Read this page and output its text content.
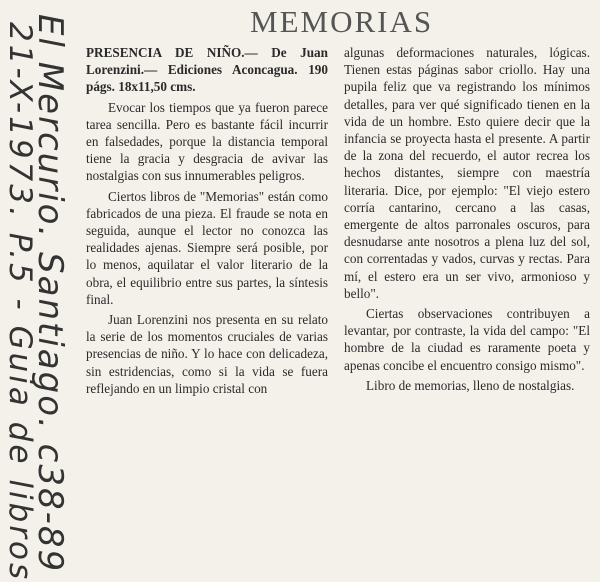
El Mercurio. Santiago. c38-89
21-X-1973. P.5 - Guia de libros
MEMORIAS

PRESENCIA DE NIÑO.— De Juan Lorenzini.— Ediciones Aconcagua. 190 págs. 18x11,50 cms.

Evocar los tiempos que ya fueron parece tarea sencilla. Pero es bastante fácil incurrir en falsedades, porque la distancia temporal tiene la gracia y desgracia de avivar las nostalgias con sus innumerables peligros.

Ciertos libros de "Memorias" están como fabricados de una pieza. El fraude se nota en seguida, aunque el lector no conozca las realidades ajenas. Siempre será posible, por lo menos, aquilatar el valor literario de la obra, el equilibrio entre sus partes, la síntesis final.

Juan Lorenzini nos presenta en su relato la serie de los momentos cruciales de varias presencias de niño. Y lo hace con delicadeza, sin estridencias, como si la vida se fuera reflejando en un limpio cristal con

algunas deformaciones naturales, lógicas. Tienen estas páginas sabor criollo. Hay una pupila feliz que va registrando los mínimos detalles, para ver qué significado tienen en la vida de un hombre. Esto quiere decir que la infancia se proyecta hasta el presente. A partir de la zona del recuerdo, el autor recrea los hechos distantes, siempre con maestría literaria. Dice, por ejemplo: "El viejo estero corría cantarino, cercano a las casas, emergente de altos parronales oscuros, para desnudarse ante nosotros a plena luz del sol, con correntadas y vados, curvas y rectas. Para mí, el estero era un ser vivo, armonioso y bello".

Ciertas observaciones contribuyen a levantar, por contraste, la vida del campo: "El hombre de la ciudad es raramente poeta y apenas concibe el encuentro consigo mismo".

Libro de memorias, lleno de nostalgias.
